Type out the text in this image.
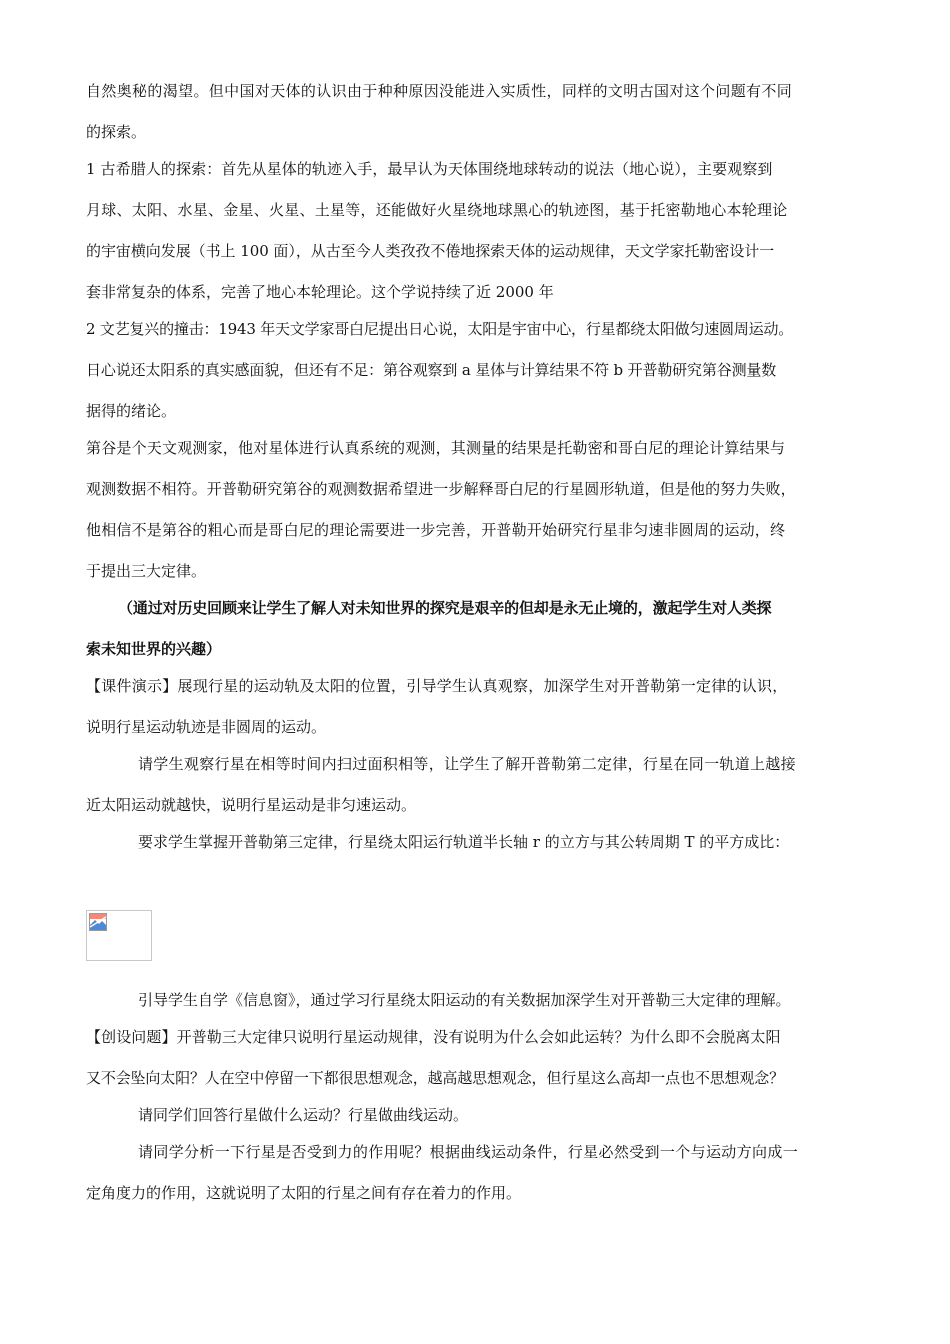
自然奥秘的渴望。但中国对天体的认识由于种种原因没能进入实质性，同样的文明古国对这个问题有不同
的探索。
1 古希腊人的探索：首先从星体的轨迹入手，最早认为天体围绕地球转动的说法（地心说），主要观察到
月球、太阳、水星、金星、火星、土星等，还能做好火星绕地球黑心的轨迹图，基于托密勒地心本轮理论
的宇宙横向发展（书上 100 面），从古至今人类孜孜不倦地探索天体的运动规律，天文学家托勒密设计一
套非常复杂的体系，完善了地心本轮理论。这个学说持续了近 2000 年
2 文艺复兴的撞击：1943 年天文学家哥白尼提出日心说，太阳是宇宙中心，行星都绕太阳做匀速圆周运动。
日心说还太阳系的真实感面貌，但还有不足：第谷观察到 a 星体与计算结果不符 b 开普勒研究第谷测量数
据得的绪论。
第谷是个天文观测家，他对星体进行认真系统的观测，其测量的结果是托勒密和哥白尼的理论计算结果与
观测数据不相符。开普勒研究第谷的观测数据希望进一步解释哥白尼的行星圆形轨道，但是他的努力失败，
他相信不是第谷的粗心而是哥白尼的理论需要进一步完善，开普勒开始研究行星非匀速非圆周的运动，终
于提出三大定律。
（通过对历史回顾来让学生了解人对未知世界的探究是艰辛的但却是永无止境的，激起学生对人类探
索未知世界的兴趣）
【课件演示】展现行星的运动轨及太阳的位置，引导学生认真观察，加深学生对开普勒第一定律的认识，
说明行星运动轨迹是非圆周的运动。
请学生观察行星在相等时间内扫过面积相等，让学生了解开普勒第二定律，行星在同一轨道上越接
近太阳运动就越快，说明行星运动是非匀速运动。
要求学生掌握开普勒第三定律，行星绕太阳运行轨道半长轴 r 的立方与其公转周期 T 的平方成比：
引导学生自学《信息窗》，通过学习行星绕太阳运动的有关数据加深学生对开普勒三大定律的理解。
【创设问题】开普勒三大定律只说明行星运动规律，没有说明为什么会如此运转？为什么即不会脱离太阳
又不会坠向太阳？人在空中停留一下都很思想观念，越高越思想观念，但行星这么高却一点也不思想观念？
请同学们回答行星做什么运动？行星做曲线运动。
请同学分析一下行星是否受到力的作用呢？根据曲线运动条件，行星必然受到一个与运动方向成一
定角度力的作用，这就说明了太阳的行星之间有存在着力的作用。
